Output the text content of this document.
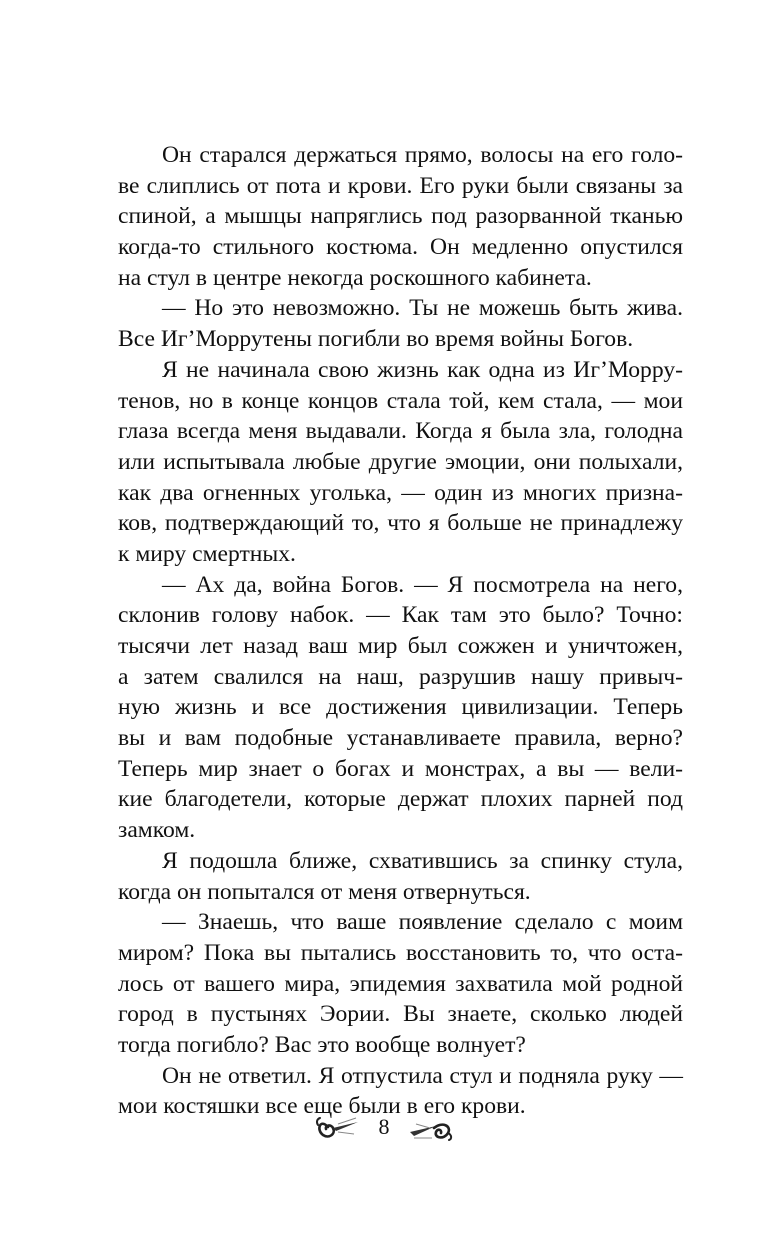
Он старался держаться прямо, волосы на его голо-
ве слиплись от пота и крови. Его руки были связаны за
спиной, а мышцы напряглись под разорванной тканью
когда-то стильного костюма. Он медленно опустился
на стул в центре некогда роскошного кабинета.
— Но это невозможно. Ты не можешь быть жива.
Все Иг’Моррутены погибли во время войны Богов.
Я не начинала свою жизнь как одна из Иг’Морру-
тенов, но в конце концов стала той, кем стала, — мои
глаза всегда меня выдавали. Когда я была зла, голодна
или испытывала любые другие эмоции, они полыхали,
как два огненных уголька, — один из многих призна-
ков, подтверждающий то, что я больше не принадлежу
к миру смертных.
— Ах да, война Богов. — Я посмотрела на него,
склонив голову набок. — Как там это было? Точно:
тысячи лет назад ваш мир был сожжен и уничтожен,
а затем свалился на наш, разрушив нашу привыч-
ную жизнь и все достижения цивилизации. Теперь
вы и вам подобные устанавливаете правила, верно?
Теперь мир знает о богах и монстрах, а вы — вели-
кие благодетели, которые держат плохих парней под
замком.
Я подошла ближе, схватившись за спинку стула,
когда он попытался от меня отвернуться.
— Знаешь, что ваше появление сделало с моим
миром? Пока вы пытались восстановить то, что оста-
лось от вашего мира, эпидемия захватила мой родной
город в пустынях Эории. Вы знаете, сколько людей
тогда погибло? Вас это вообще волнует?
Он не ответил. Я отпустила стул и подняла руку —
мои костяшки все еще были в его крови.
8
